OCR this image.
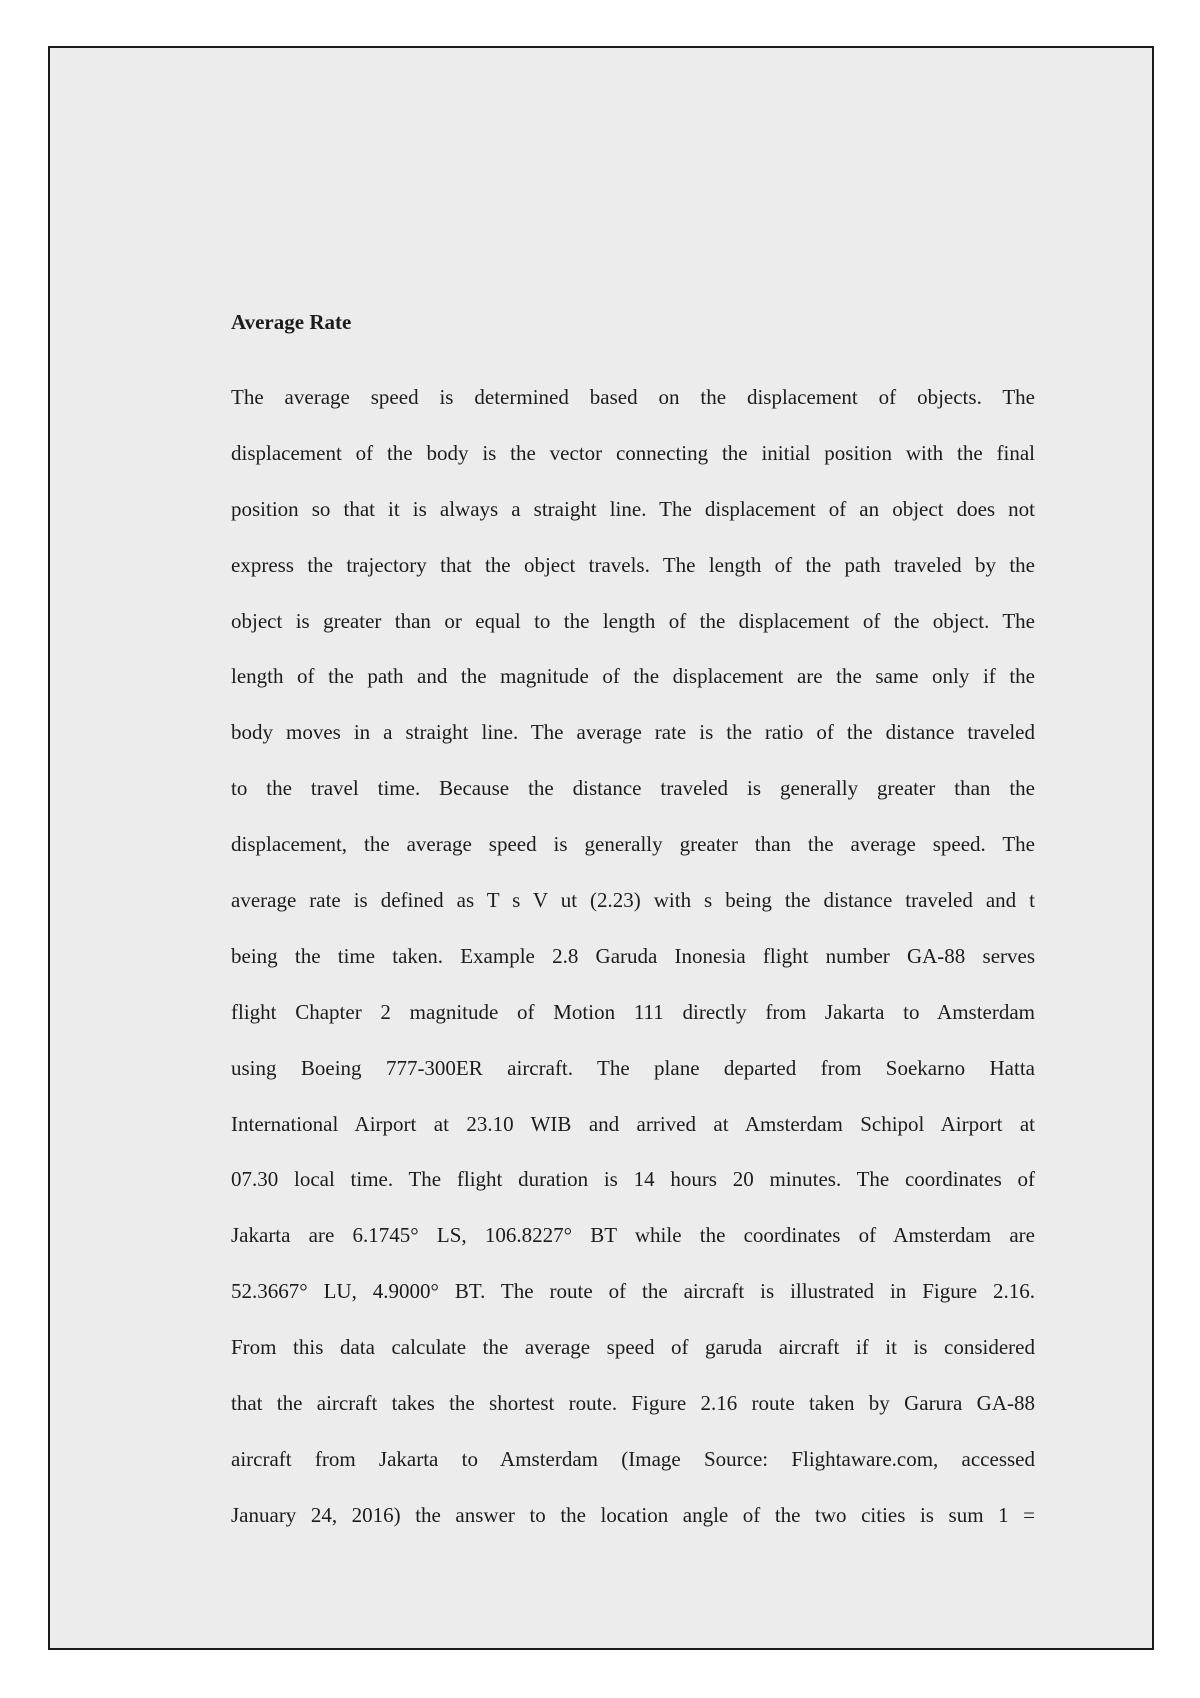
Average Rate
The average speed is determined based on the displacement of objects. The
displacement of the body is the vector connecting the initial position with the final
position so that it is always a straight line. The displacement of an object does not
express the trajectory that the object travels. The length of the path traveled by the
object is greater than or equal to the length of the displacement of the object. The
length of the path and the magnitude of the displacement are the same only if the
body moves in a straight line. The average rate is the ratio of the distance traveled
to the travel time. Because the distance traveled is generally greater than the
displacement, the average speed is generally greater than the average speed. The
average rate is defined as T s V ut (2.23) with s being the distance traveled and t
being the time taken. Example 2.8 Garuda Inonesia flight number GA-88 serves
flight Chapter 2 magnitude of Motion 111 directly from Jakarta to Amsterdam
using Boeing 777-300ER aircraft. The plane departed from Soekarno Hatta
International Airport at 23.10 WIB and arrived at Amsterdam Schipol Airport at
07.30 local time. The flight duration is 14 hours 20 minutes. The coordinates of
Jakarta are 6.1745° LS, 106.8227° BT while the coordinates of Amsterdam are
52.3667° LU, 4.9000° BT. The route of the aircraft is illustrated in Figure 2.16.
From this data calculate the average speed of garuda aircraft if it is considered
that the aircraft takes the shortest route. Figure 2.16 route taken by Garura GA-88
aircraft from Jakarta to Amsterdam (Image Source: Flightaware.com, accessed
January 24, 2016) the answer to the location angle of the two cities is sum 1 =
